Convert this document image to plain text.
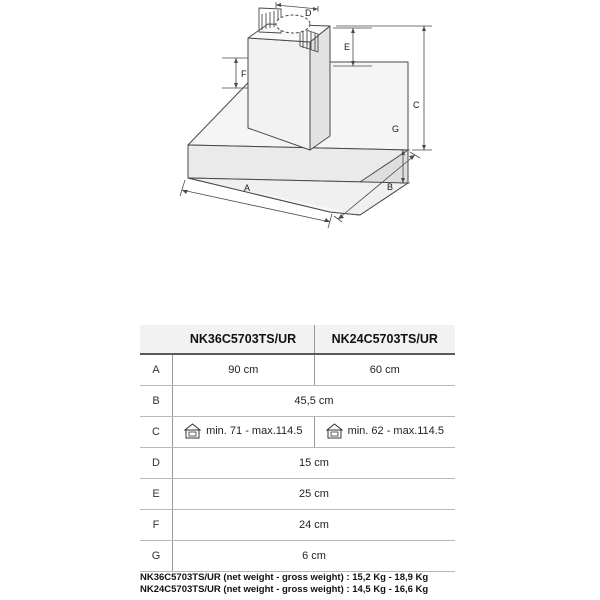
D
E
F
C
G
A	B
	NK36C5703TS/UR	NK24C5703TS/UR
A	90 cm	60 cm
B	45,5 cm	
C	min. 71 - max.114.5	min. 62 - max.114.5

D	15 cm	
E	25 cm	
F	24 cm	
G	6 cm	
NK36C5703TS/UR (net weight - gross weight) : 15,2 Kg - 18,9 Kg
NK24C5703TS/UR (net weight - gross weight) : 14,5 Kg - 16,6 Kg
